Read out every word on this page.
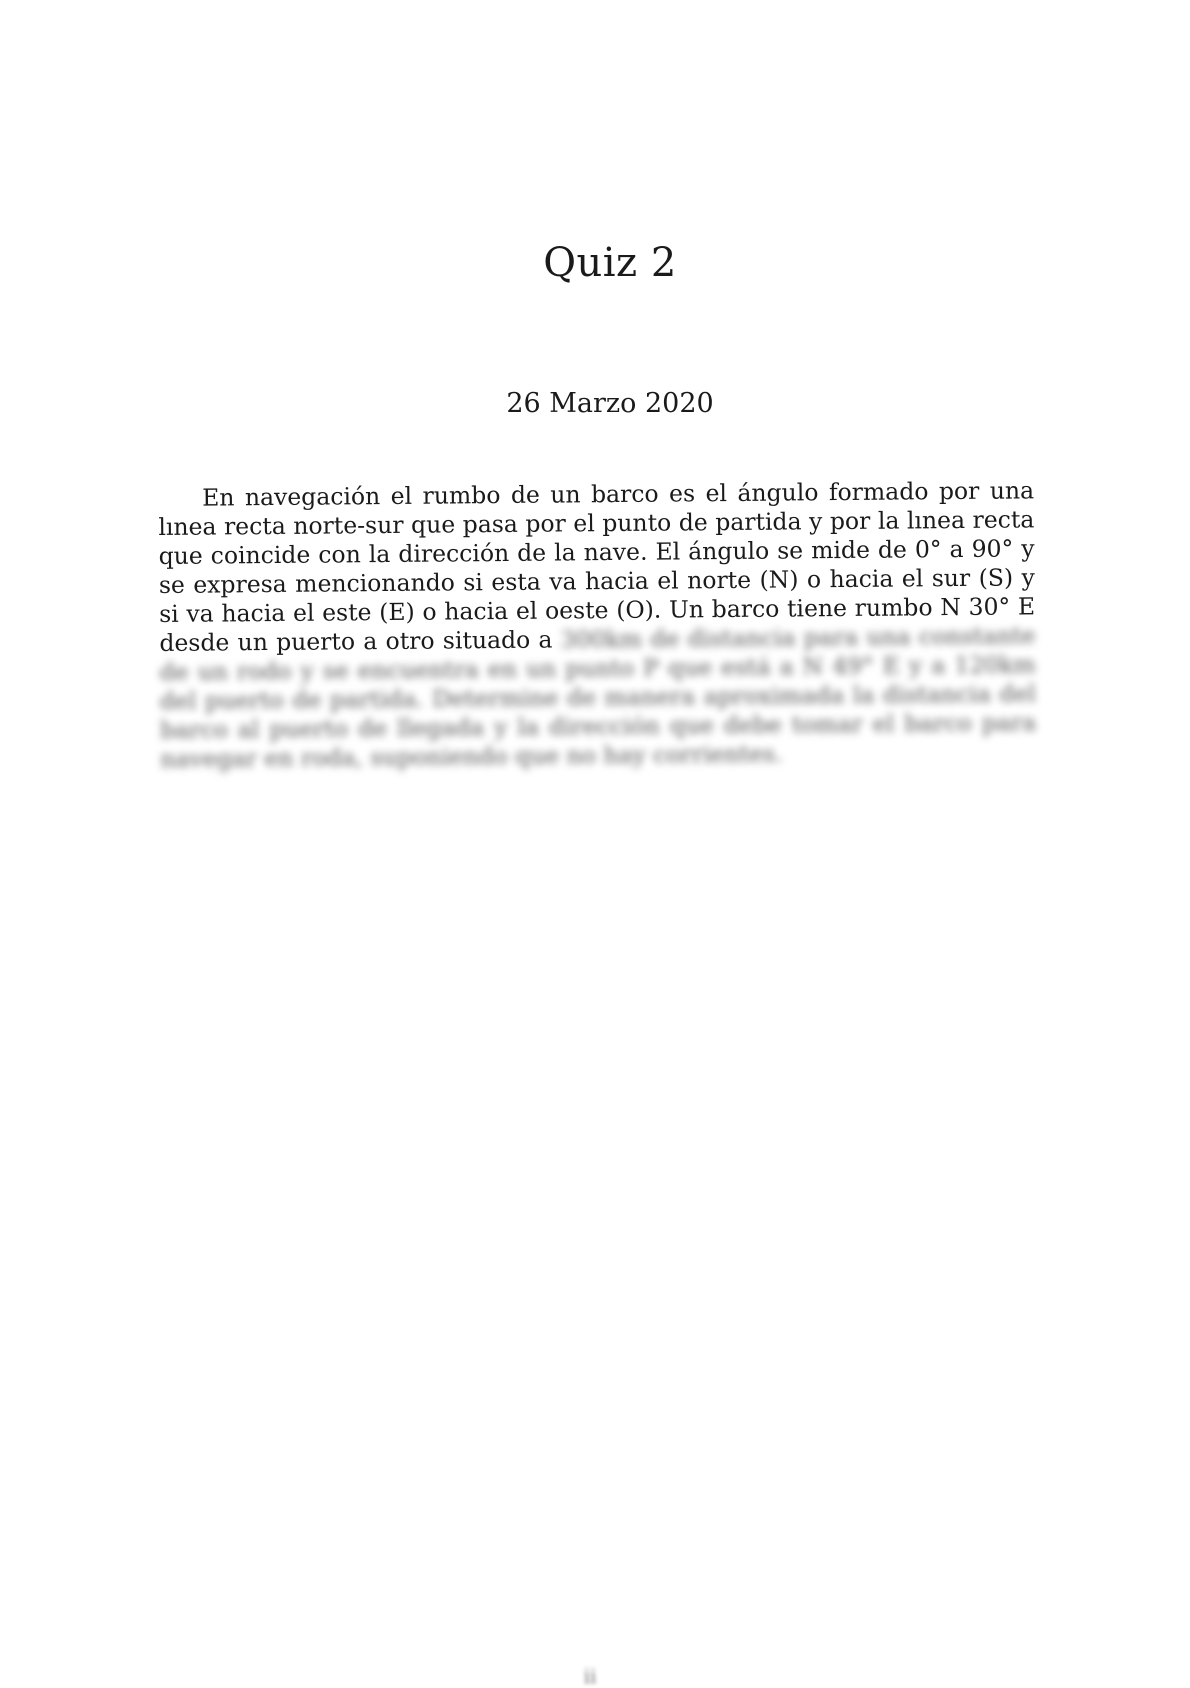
Quiz 2
26 Marzo 2020
En navegación el rumbo de un barco es el ángulo formado por una lınea recta norte-sur que pasa por el punto de partida y por la lınea recta que coincide con la dirección de la nave. El ángulo se mide de 0° a 90° y se expresa mencionando si esta va hacia el norte (N) o hacia el sur (S) y si va hacia el este (E) o hacia el oeste (O). Un barco tiene rumbo N 30° E desde un puerto a otro situado a 300km de distancia para una constante de un rodo y se encuentra en un punto P que está a N 49° E y a 120km del puerto de partida. Determine de manera aproximada la distancia del barco al puerto de llegada y la dirección que debe tomar el barco para navegar en roda, suponiendo que no hay corrientes.
ii
